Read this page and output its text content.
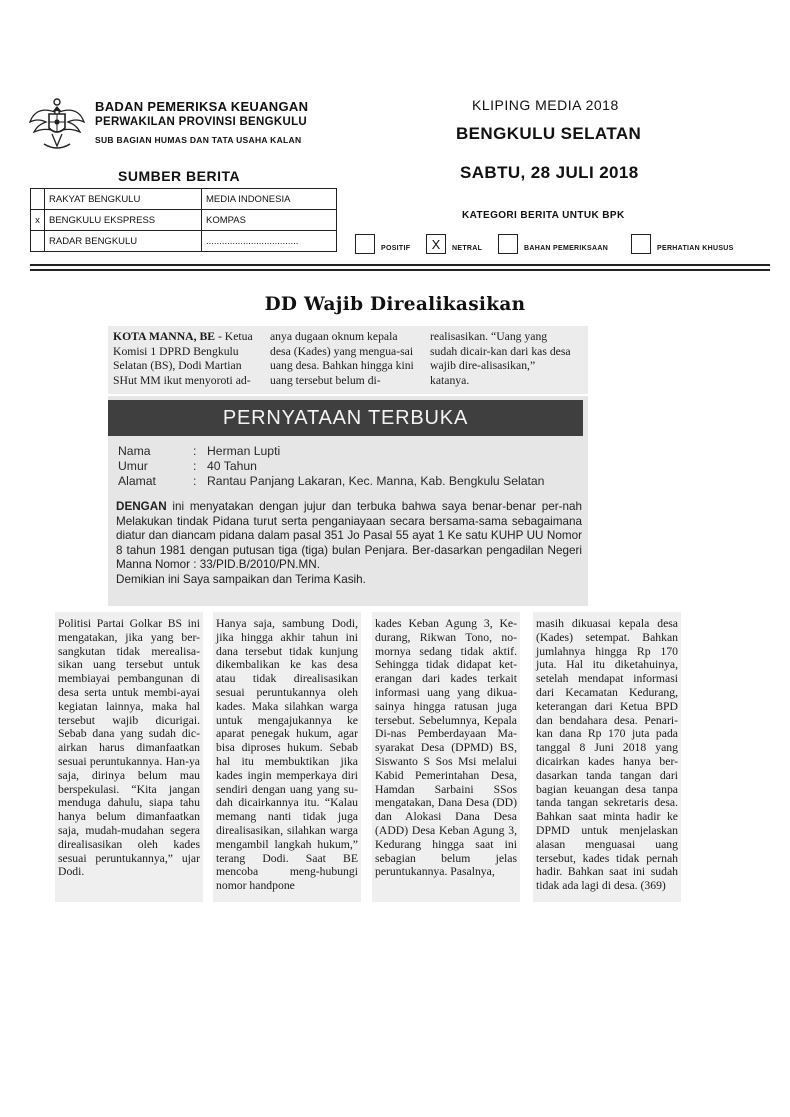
BADAN PEMERIKSA KEUANGAN
PERWAKILAN PROVINSI BENGKULU
SUB BAGIAN HUMAS DAN TATA USAHA KALAN
KLIPING MEDIA 2018
BENGKULU SELATAN
SABTU, 28 JULI 2018
SUMBER BERITA
	RAKYAT BENGKULU	MEDIA INDONESIA
x	BENGKULU EKSPRESS	KOMPAS
	RADAR BENGKULU	...................................
KATEGORI BERITA UNTUK BPK
POSITIF	X	NETRAL	BAHAN PEMERIKSAAN	PERHATIAN KHUSUS
DD Wajib Direalikasikan

KOTA MANNA, BE - Ketua Komisi 1 DPRD Bengkulu Selatan (BS), Dodi Martian SHut MM ikut menyoroti ad-

anya dugaan oknum kepala desa (Kades) yang mengua-sai uang desa. Bahkan hingga kini uang tersebut belum di-

realisasikan. “Uang yang sudah dicair-kan dari kas desa wajib dire-alisasikan,” katanya.

PERNYATAAN TERBUKA
Nama	: Herman Lupti
Umur	: 40 Tahun
Alamat	: Rantau Panjang Lakaran, Kec. Manna, Kab. Bengkulu Selatan

DENGAN ini menyatakan dengan jujur dan terbuka bahwa saya benar-benar per-nah Melakukan tindak Pidana turut serta penganiayaan secara bersama-sama sebagaimana diatur dan diancam pidana dalam pasal 351 Jo Pasal 55 ayat 1 Ke satu KUHP UU Nomor 8 tahun 1981 dengan putusan tiga (tiga) bulan Penjara. Ber-dasarkan pengadilan Negeri Manna Nomor : 33/PID.B/2010/PN.MN.

Demikian ini Saya sampaikan dan Terima Kasih.

Politisi Partai Golkar BS ini mengatakan, jika yang ber-sangkutan tidak merealisa-sikan uang tersebut untuk membiayai pembangunan di desa serta untuk membi-ayai kegiatan lainnya, maka hal tersebut wajib dicurigai. Sebab dana yang sudah dic-airkan harus dimanfaatkan sesuai peruntukannya. Han-ya saja, dirinya belum mau berspekulasi. “Kita jangan menduga dahulu, siapa tahu hanya belum dimanfaatkan saja, mudah-mudahan segera direalisasikan oleh kades sesuai peruntukannya,” ujar Dodi.

Hanya saja, sambung Dodi, jika hingga akhir tahun ini dana tersebut tidak kunjung dikembalikan ke kas desa atau tidak direalisasikan sesuai peruntukannya oleh kades. Maka silahkan warga untuk mengajukannya ke aparat penegak hukum, agar bisa diproses hukum. Sebab hal itu membuktikan jika kades ingin memperkaya diri sendiri dengan uang yang su-dah dicairkannya itu. “Kalau memang nanti tidak juga direalisasikan, silahkan warga mengambil langkah hukum,” terang Dodi. Saat BE mencoba meng-hubungi nomor handpone

kades Keban Agung 3, Ke-durang, Rikwan Tono, no-mornya sedang tidak aktif. Sehingga tidak didapat ket-erangan dari kades terkait informasi uang yang dikua-sainya hingga ratusan juga tersebut. Sebelumnya, Kepala Di-nas Pemberdayaan Ma-syarakat Desa (DPMD) BS, Siswanto S Sos Msi melalui Kabid Pemerintahan Desa, Hamdan Sarbaini SSos mengatakan, Dana Desa (DD) dan Alokasi Dana Desa (ADD) Desa Keban Agung 3, Kedurang hingga saat ini sebagian belum jelas peruntukannya. Pasalnya,

masih dikuasai kepala desa (Kades) setempat. Bahkan jumlahnya hingga Rp 170 juta. Hal itu diketahuinya, setelah mendapat informasi dari Kecamatan Kedurang, keterangan dari Ketua BPD dan bendahara desa. Penari-kan dana Rp 170 juta pada tanggal 8 Juni 2018 yang dicairkan kades hanya ber-dasarkan tanda tangan dari bagian keuangan desa tanpa tanda tangan sekretaris desa. Bahkan saat minta hadir ke DPMD untuk menjelaskan alasan menguasai uang tersebut, kades tidak pernah hadir. Bahkan saat ini sudah tidak ada lagi di desa. (369)
